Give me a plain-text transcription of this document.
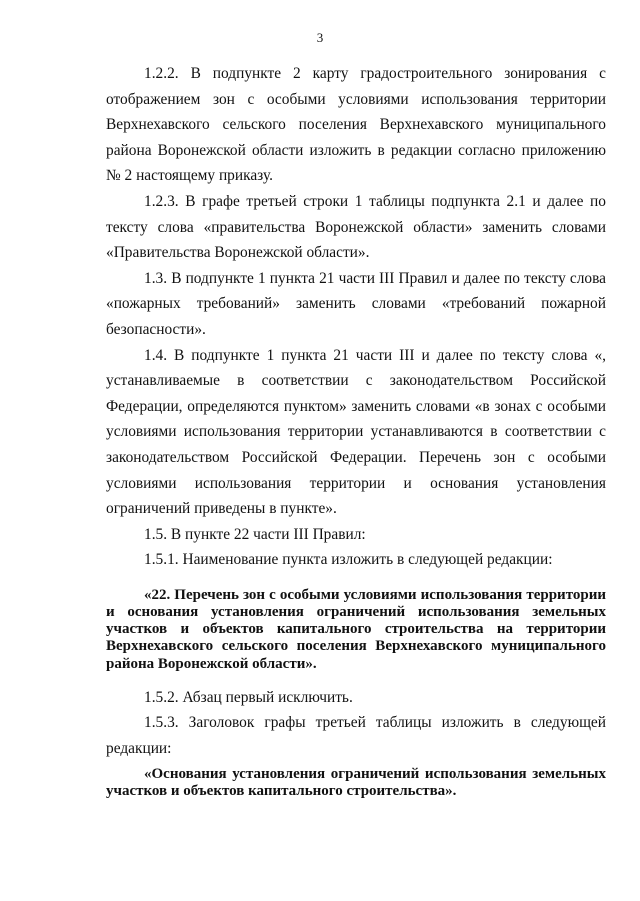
3

1.2.2. В подпункте 2 карту градостроительного зонирования с отображением зон с особыми условиями использования территории Верхнехавского сельского поселения Верхнехавского муниципального района Воронежской области изложить в редакции согласно приложению № 2 настоящему приказу.

1.2.3. В графе третьей строки 1 таблицы подпункта 2.1 и далее по тексту слова «правительства Воронежской области» заменить словами «Правительства Воронежской области».

1.3. В подпункте 1 пункта 21 части III Правил и далее по тексту слова «пожарных требований» заменить словами «требований пожарной безопасности».

1.4. В подпункте 1 пункта 21 части III и далее по тексту слова «, устанавливаемые в соответствии с законодательством Российской Федерации, определяются пунктом» заменить словами «в зонах с особыми условиями использования территории устанавливаются в соответствии с законодательством Российской Федерации. Перечень зон с особыми условиями использования территории и основания установления ограничений приведены в пункте».

1.5. В пункте 22 части III Правил:

1.5.1. Наименование пункта изложить в следующей редакции:

«22. Перечень зон с особыми условиями использования территории и основания установления ограничений использования земельных участков и объектов капитального строительства на территории Верхнехавского сельского поселения Верхнехавского муниципального района Воронежской области».

1.5.2. Абзац первый исключить.

1.5.3. Заголовок графы третьей таблицы изложить в следующей редакции:

«Основания установления ограничений использования земельных участков и объектов капитального строительства».
